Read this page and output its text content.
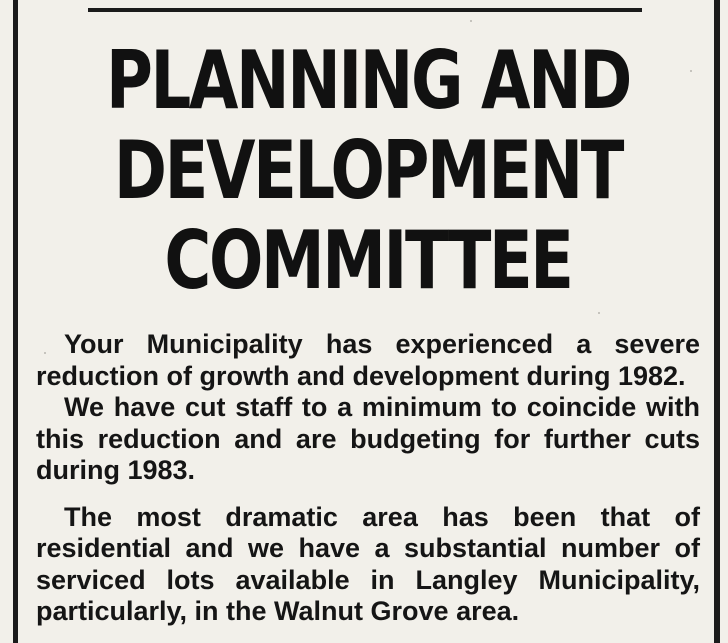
PLANNING AND
DEVELOPMENT
COMMITTEE

Your Municipality has experienced a severe reduction of growth and development during 1982.

We have cut staff to a minimum to coincide with this reduction and are budgeting for further cuts during 1983.

The most dramatic area has been that of residential and we have a substantial number of serviced lots available in Langley Municipality, particularly, in the Walnut Grove area.
